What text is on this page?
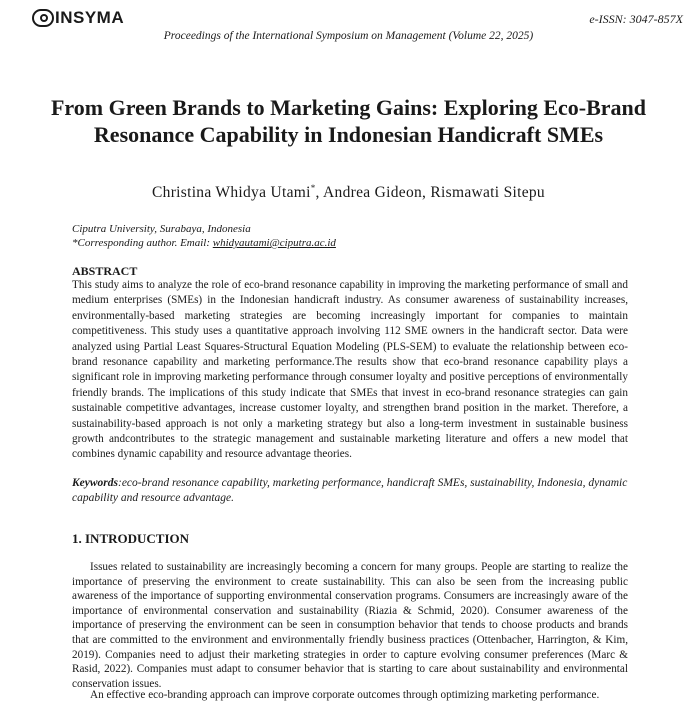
INSYMA	e-ISSN: 3047-857X
Proceedings of the International Symposium on Management (Volume 22, 2025)
From Green Brands to Marketing Gains: Exploring Eco-Brand Resonance Capability in Indonesian Handicraft SMEs
Christina Whidya Utami*, Andrea Gideon, Rismawati Sitepu
Ciputra University, Surabaya, Indonesia
*Corresponding author. Email: whidyautami@ciputra.ac.id
ABSTRACT

This study aims to analyze the role of eco-brand resonance capability in improving the marketing performance of small and medium enterprises (SMEs) in the Indonesian handicraft industry. As consumer awareness of sustainability increases, environmentally-based marketing strategies are becoming increasingly important for companies to maintain competitiveness. This study uses a quantitative approach involving 112 SME owners in the handicraft sector. Data were analyzed using Partial Least Squares-Structural Equation Modeling (PLS-SEM) to evaluate the relationship between eco-brand resonance capability and marketing performance.The results show that eco-brand resonance capability plays a significant role in improving marketing performance through consumer loyalty and positive perceptions of environmentally friendly brands. The implications of this study indicate that SMEs that invest in eco-brand resonance strategies can gain sustainable competitive advantages, increase customer loyalty, and strengthen brand position in the market. Therefore, a sustainability-based approach is not only a marketing strategy but also a long-term investment in sustainable business growth andcontributes to the strategic management and sustainable marketing literature and offers a new model that combines dynamic capability and resource advantage theories.

Keywords:eco-brand resonance capability, marketing performance, handicraft SMEs, sustainability, Indonesia, dynamic capability and resource advantage.

1. INTRODUCTION

Issues related to sustainability are increasingly becoming a concern for many groups. People are starting to realize the importance of preserving the environment to create sustainability. This can also be seen from the increasing public awareness of the importance of supporting environmental conservation programs. Consumers are increasingly aware of the importance of environmental conservation and sustainability (Riazia & Schmid, 2020). Consumer awareness of the importance of preserving the environment can be seen in consumption behavior that tends to choose products and brands that are committed to the environment and environmentally friendly business practices (Ottenbacher, Harrington, & Kim, 2019). Companies need to adjust their marketing strategies in order to capture evolving consumer preferences (Marc & Rasid, 2022). Companies must adapt to consumer behavior that is starting to care about sustainability and environmental conservation issues.

An effective eco-branding approach can improve corporate outcomes through optimizing marketing performance.
